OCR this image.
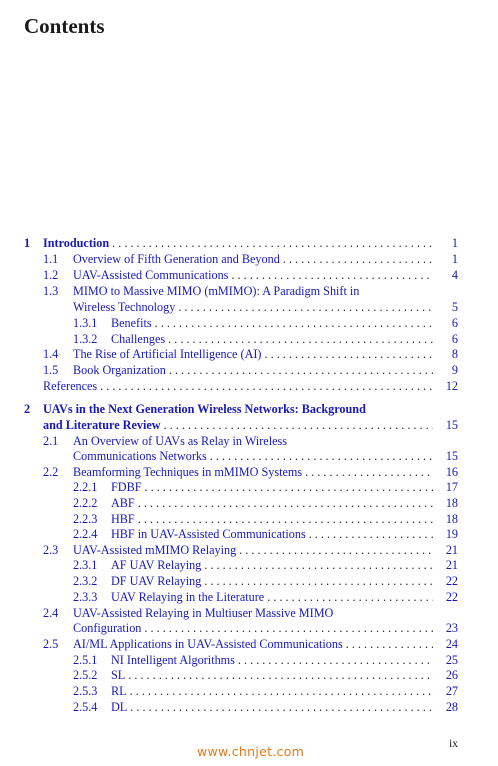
Contents
1 Introduction . . .	1
1.1 Overview of Fifth Generation and Beyond . . .	1
1.2 UAV-Assisted Communications . . .	4
1.3 MIMO to Massive MIMO (mMIMO): A Paradigm Shift in
Wireless Technology . . .	5
1.3.1 Benefits . . .	6
1.3.2 Challenges . . .	6
1.4 The Rise of Artificial Intelligence (AI) . . .	8
1.5 Book Organization . . .	9
References . . .	12
2 UAVs in the Next Generation Wireless Networks: Background
and Literature Review . . .	15
2.1 An Overview of UAVs as Relay in Wireless
Communications Networks . . .	15
2.2 Beamforming Techniques in mMIMO Systems . . .	16
2.2.1 FDBF . . .	17
2.2.2 ABF . . .	18
2.2.3 HBF . . .	18
2.2.4 HBF in UAV-Assisted Communications . . .	19
2.3 UAV-Assisted mMIMO Relaying . . .	21
2.3.1 AF UAV Relaying . . .	21
2.3.2 DF UAV Relaying . . .	22
2.3.3 UAV Relaying in the Literature . . .	22
2.4 UAV-Assisted Relaying in Multiuser Massive MIMO
Configuration . . .	23
2.5 AI/ML Applications in UAV-Assisted Communications . . .	24
2.5.1 NI Intelligent Algorithms . . .	25
2.5.2 SL . . .	26
2.5.3 RL . . .	27
2.5.4 DL . . .	28
www.chnjet.com	ix
